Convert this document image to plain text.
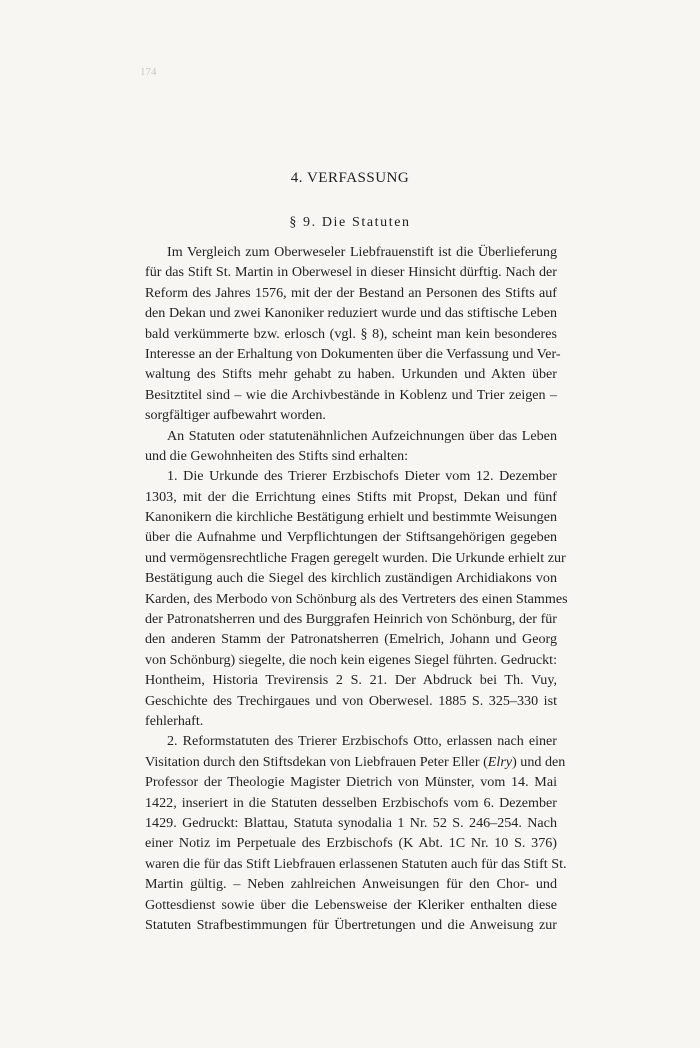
174
4. VERFASSUNG
§ 9. Die Statuten
Im Vergleich zum Oberweseler Liebfrauenstift ist die Überlieferung
für das Stift St. Martin in Oberwesel in dieser Hinsicht dürftig. Nach der
Reform des Jahres 1576, mit der der Bestand an Personen des Stifts auf
den Dekan und zwei Kanoniker reduziert wurde und das stiftische Leben
bald verkümmerte bzw. erlosch (vgl. § 8), scheint man kein besonderes
Interesse an der Erhaltung von Dokumenten über die Verfassung und Ver-
waltung des Stifts mehr gehabt zu haben. Urkunden und Akten über
Besitztitel sind – wie die Archivbestände in Koblenz und Trier zeigen –
sorgfältiger aufbewahrt worden.
An Statuten oder statutenähnlichen Aufzeichnungen über das Leben
und die Gewohnheiten des Stifts sind erhalten:
1. Die Urkunde des Trierer Erzbischofs Dieter vom 12. Dezember
1303, mit der die Errichtung eines Stifts mit Propst, Dekan und fünf
Kanonikern die kirchliche Bestätigung erhielt und bestimmte Weisungen
über die Aufnahme und Verpflichtungen der Stiftsangehörigen gegeben
und vermögensrechtliche Fragen geregelt wurden. Die Urkunde erhielt zur
Bestätigung auch die Siegel des kirchlich zuständigen Archidiakons von
Karden, des Merbodo von Schönburg als des Vertreters des einen Stammes
der Patronatsherren und des Burggrafen Heinrich von Schönburg, der für
den anderen Stamm der Patronatsherren (Emelrich, Johann und Georg
von Schönburg) siegelte, die noch kein eigenes Siegel führten. Gedruckt:
Hontheim, Historia Trevirensis 2 S. 21. Der Abdruck bei Th. Vuy,
Geschichte des Trechirgaues und von Oberwesel. 1885 S. 325–330 ist
fehlerhaft.
2. Reformstatuten des Trierer Erzbischofs Otto, erlassen nach einer
Visitation durch den Stiftsdekan von Liebfrauen Peter Eller (Elry) und den
Professor der Theologie Magister Dietrich von Münster, vom 14. Mai
1422, inseriert in die Statuten desselben Erzbischofs vom 6. Dezember
1429. Gedruckt: Blattau, Statuta synodalia 1 Nr. 52 S. 246–254. Nach
einer Notiz im Perpetuale des Erzbischofs (K Abt. 1C Nr. 10 S. 376)
waren die für das Stift Liebfrauen erlassenen Statuten auch für das Stift St.
Martin gültig. – Neben zahlreichen Anweisungen für den Chor- und
Gottesdienst sowie über die Lebensweise der Kleriker enthalten diese
Statuten Strafbestimmungen für Übertretungen und die Anweisung zur
